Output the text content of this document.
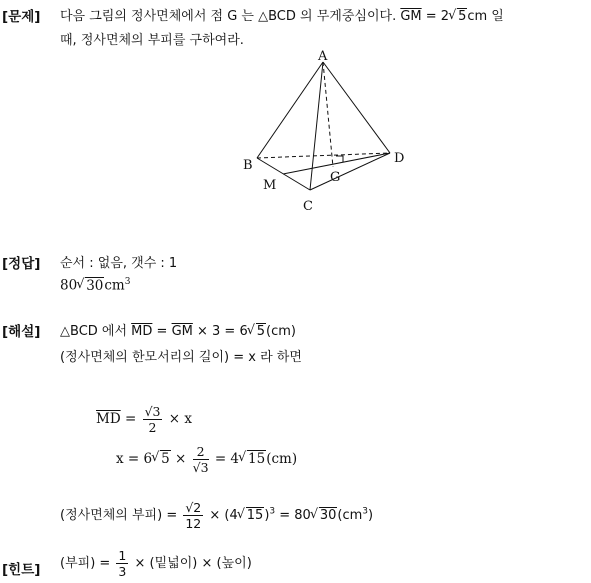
[문제] 다음 그림의 정사면체에서 점 G 는 △BCD 의 무게중심이다. $\overline{GM} = 2$ √ 5cm 일
때, 정사면체의 부피를 구하여라.
A
B
C
D
M
G
[정답] 순서 : 없음, 갯수 : 1
80 √ $30cm^3$
[해설] △BCD 에서 $\overline{MD} = \overline{GM} \times 3 = 6$ √ 5(cm)
(정사면체의 한모서리의 길이) = x 라 하면
$\overline{MD} = \frac{√3}{2} \times x$
x = 6 √ $5 \times \frac{2}{√3} = 4$ √ 15(cm)
(정사면체의 부피) = $\frac{√2}{12} \times (4$ √ 15)$^3$ = 80 √ $30(cm^3)$
[힌트] (부피) = $\frac{1}{3}$ × (밑넓이) × (높이)
